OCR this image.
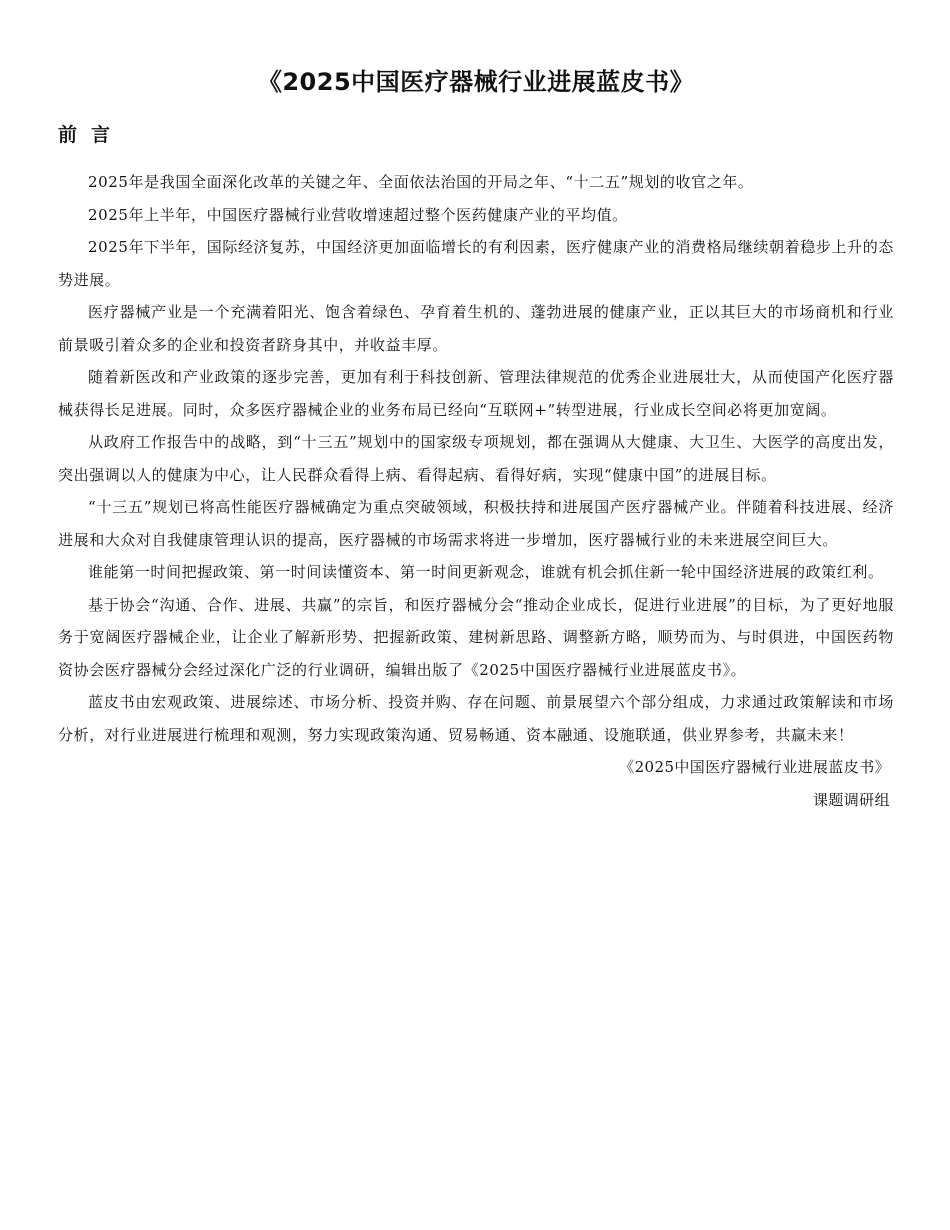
《2025中国医疗器械行业进展蓝皮书》
前言

2025年是我国全面深化改革的关键之年、全面依法治国的开局之年、“十二五”规划的收官之年。

2025年上半年，中国医疗器械行业营收增速超过整个医药健康产业的平均值。

2025年下半年，国际经济复苏，中国经济更加面临增长的有利因素，医疗健康产业的消费格局继续朝着稳步上升的态势进展。

医疗器械产业是一个充满着阳光、饱含着绿色、孕育着生机的、蓬勃进展的健康产业，正以其巨大的市场商机和行业前景吸引着众多的企业和投资者跻身其中，并收益丰厚。

随着新医改和产业政策的逐步完善，更加有利于科技创新、管理法律规范的优秀企业进展壮大，从而使国产化医疗器械获得长足进展。同时，众多医疗器械企业的业务布局已经向“互联网+”转型进展，行业成长空间必将更加宽阔。

从政府工作报告中的战略，到“十三五”规划中的国家级专项规划，都在强调从大健康、大卫生、大医学的高度出发，突出强调以人的健康为中心，让人民群众看得上病、看得起病、看得好病，实现“健康中国”的进展目标。

“十三五”规划已将高性能医疗器械确定为重点突破领域，积极扶持和进展国产医疗器械产业。伴随着科技进展、经济进展和大众对自我健康管理认识的提高，医疗器械的市场需求将进一步增加，医疗器械行业的未来进展空间巨大。

谁能第一时间把握政策、第一时间读懂资本、第一时间更新观念，谁就有机会抓住新一轮中国经济进展的政策红利。

基于协会“沟通、合作、进展、共赢”的宗旨，和医疗器械分会“推动企业成长，促进行业进展”的目标，为了更好地服务于宽阔医疗器械企业，让企业了解新形势、把握新政策、建树新思路、调整新方略，顺势而为、与时俱进，中国医药物资协会医疗器械分会经过深化广泛的行业调研，编辑出版了《2025中国医疗器械行业进展蓝皮书》。

蓝皮书由宏观政策、进展综述、市场分析、投资并购、存在问题、前景展望六个部分组成，力求通过政策解读和市场分析，对行业进展进行梳理和观测，努力实现政策沟通、贸易畅通、资本融通、设施联通，供业界参考，共赢未来！

《2025中国医疗器械行业进展蓝皮书》
课题调研组
